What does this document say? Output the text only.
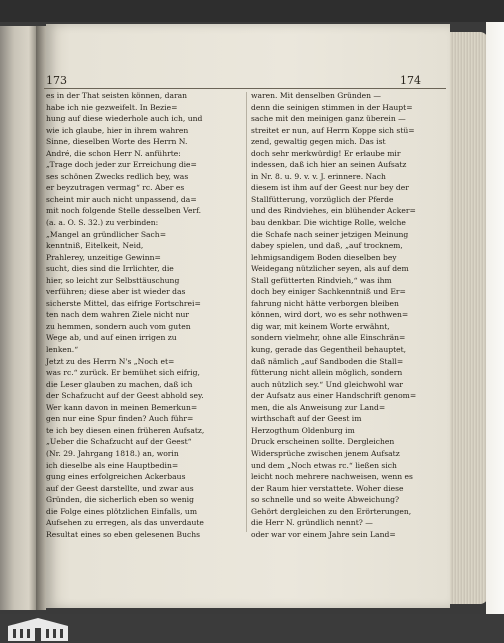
173	174
es in der That seisten können, daran
habe ich nie gezweifelt. In Bezie=
hung auf diese wiederhole auch ich, und
wie ich glaube, hier in ihrem wahren
Sinne, dieselben Worte des Herrn N.
André, die schon Herr N. anführte:
„Trage doch jeder zur Erreichung die=
ses schönen Zwecks redlich bey, was
er beyzutragen vermag“ rc. Aber es
scheint mir auch nicht unpassend, da=
mit noch folgende Stelle desselben Verf.
(a. a. O. S. 32.) zu verbinden:
„Mangel an gründlicher Sach=
kenntniß, Eitelkeit, Neid,
Prahlerey, unzeitige Gewinn=
sucht, dies sind die Irrlichter, die
hier, so leicht zur Selbsttäuschung
verführen; diese aber ist wieder das
sicherste Mittel, das eifrige Fortschrei=
ten nach dem wahren Ziele nicht nur
zu hemmen, sondern auch vom guten
Wege ab, und auf einen irrigen zu
lenken.“
Jetzt zu des Herrn N's „Noch et=
was rc.“ zurück. Er bemühet sich eifrig,
die Leser glauben zu machen, daß ich
der Schafzucht auf der Geest abhold sey.
Wer kann davon in meinen Bemerkun=
gen nur eine Spur finden? Auch führ=
te ich bey diesen einen früheren Aufsatz,
„Ueber die Schafzucht auf der Geest“
(Nr. 29. Jahrgang 1818.) an, worin
ich dieselbe als eine Hauptbedin=
gung eines erfolgreichen Ackerbaus
auf der Geest darstellte, und zwar aus
Gründen, die sicherlich eben so wenig
die Folge eines plötzlichen Einfalls, um
Aufsehen zu erregen, als das unverdaute
Resultat eines so eben gelesenen Buchs
waren. Mit denselben Gründen —
denn die seinigen stimmen in der Haupt=
sache mit den meinigen ganz überein —
streitet er nun, auf Herrn Koppe sich stü=
zend, gewaltig gegen mich. Das ist
doch sehr merkwürdig! Er erlaube mir
indessen, daß ich hier an seinen Aufsatz
in Nr. 8. u. 9. v. v. J. erinnere. Nach
diesem ist ihm auf der Geest nur bey der
Stallfütterung, vorzüglich der Pferde
und des Rindviehes, ein blühender Acker=
bau denkbar. Die wichtige Rolle, welche
die Schafe nach seiner jetzigen Meinung
dabey spielen, und daß, „auf trocknem,
lehmigsandigem Boden dieselben bey
Weidegang nützlicher seyen, als auf dem
Stall gefütterten Rindvieh,“ was ihm
doch bey einiger Sachkenntniß und Er=
fahrung nicht hätte verborgen bleiben
können, wird dort, wo es sehr nothwen=
dig war, mit keinem Worte erwähnt,
sondern vielmehr, ohne alle Einschrän=
kung, gerade das Gegentheil behauptet,
daß nämlich „auf Sandboden die Stall=
fütterung nicht allein möglich, sondern
auch nützlich sey.“ Und gleichwohl war
der Aufsatz aus einer Handschrift genom=
men, die als Anweisung zur Land=
wirthschaft auf der Geest im
Herzogthum Oldenburg im
Druck erscheinen sollte. Dergleichen
Widersprüche zwischen jenem Aufsatz
und dem „Noch etwas rc.“ ließen sich
leicht noch mehrere nachweisen, wenn es
der Raum hier verstattete. Woher diese
so schnelle und so weite Abweichung?
Gehört dergleichen zu den Erörterungen,
die Herr N. gründlich nennt? —
oder war vor einem Jahre sein Land=
